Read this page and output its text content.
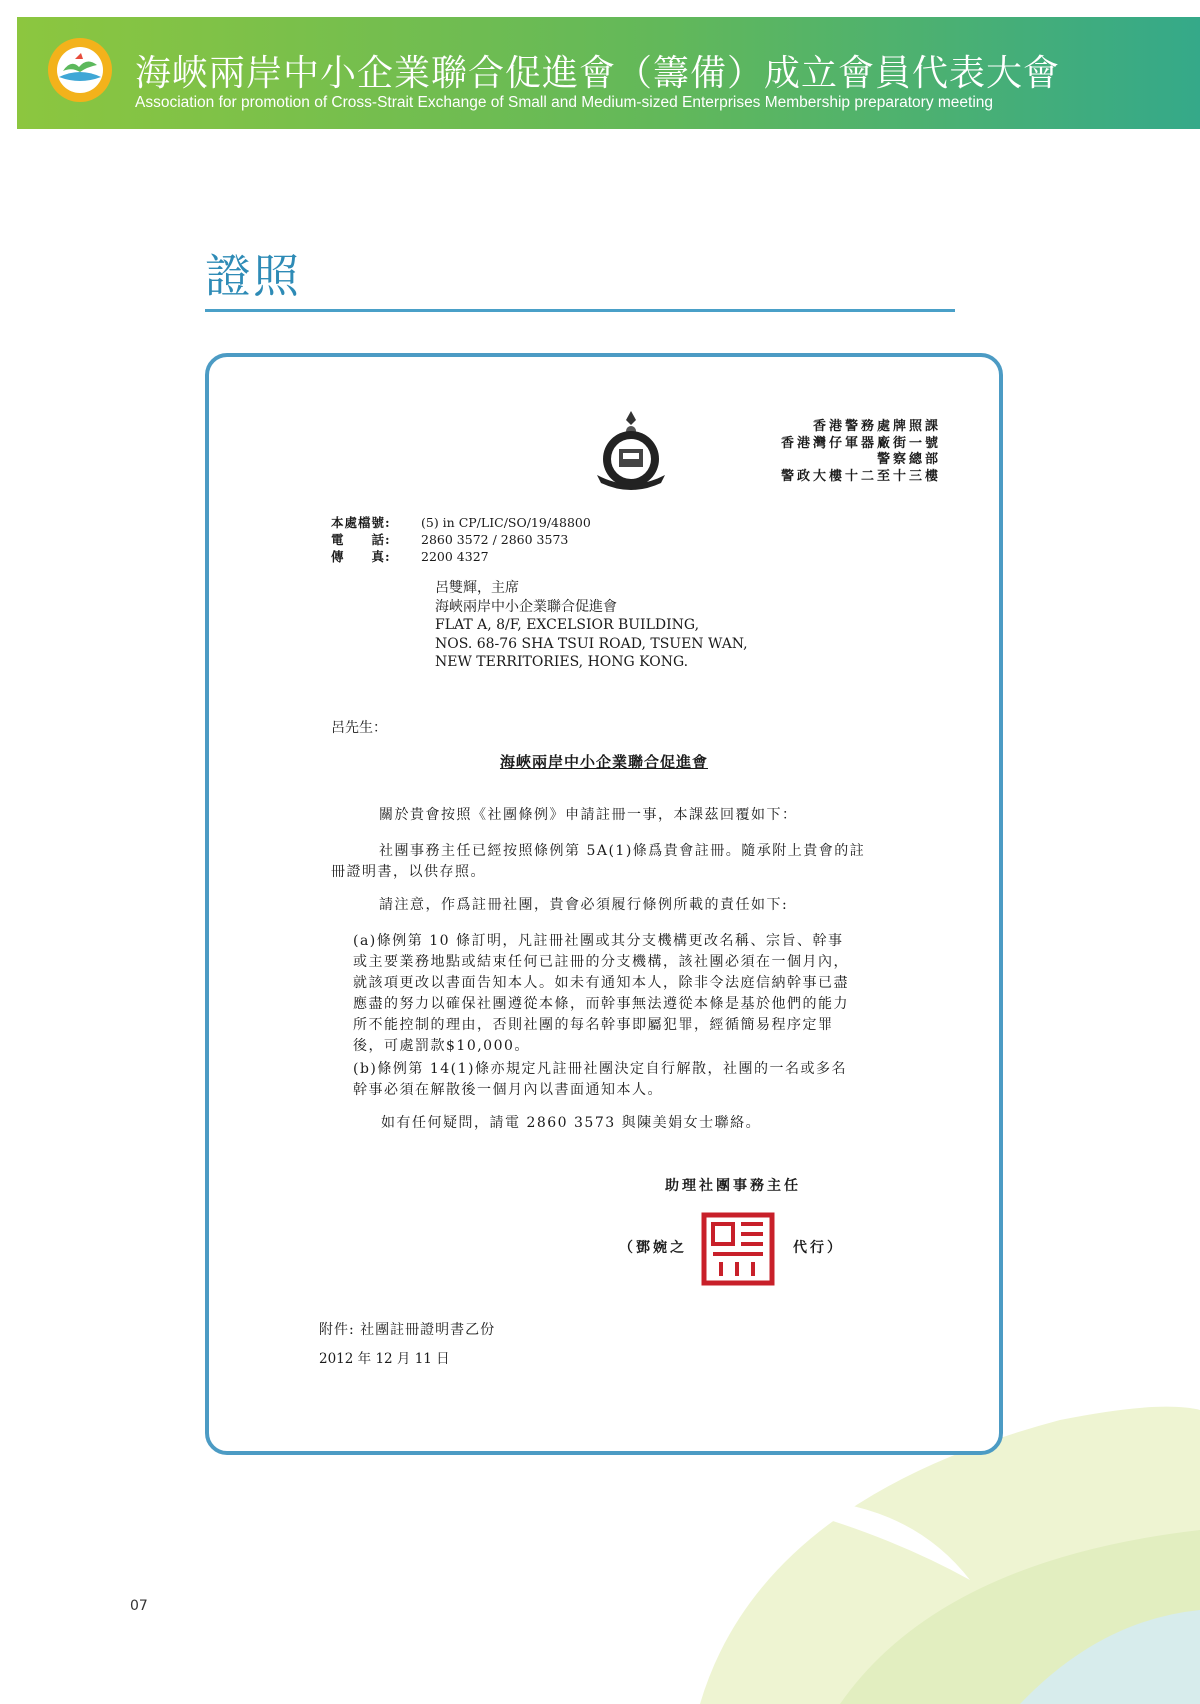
海峽兩岸中小企業聯合促進會（籌備）成立會員代表大會
Association for promotion of Cross-Strait Exchange of Small and Medium-sized Enterprises Membership preparatory meeting
證照
香港警務處牌照課
香港灣仔軍器廠街一號
警察總部
警政大樓十二至十三樓
本處檔號:	(5) in CP/LIC/SO/19/48800
電　　話:	2860 3572 / 2860 3573
傳　　真:	2200 4327
呂雙輝，主席
海峽兩岸中小企業聯合促進會
FLAT A, 8/F, EXCELSIOR BUILDING,
NOS. 68-76 SHA TSUI ROAD, TSUEN WAN,
NEW TERRITORIES, HONG KONG.
呂先生：
海峽兩岸中小企業聯合促進會
關於貴會按照《社團條例》申請註冊一事，本課茲回覆如下：
社團事務主任已經按照條例第 5A(1)條爲貴會註冊。隨承附上貴會的註冊證明書，以供存照。
請注意，作爲註冊社團，貴會必須履行條例所載的責任如下:
(a)條例第 10 條訂明，凡註冊社團或其分支機構更改名稱、宗旨、幹事或主要業務地點或結束任何已註冊的分支機構，該社團必須在一個月內，就該項更改以書面告知本人。如未有通知本人，除非令法庭信納幹事已盡應盡的努力以確保社團遵從本條，而幹事無法遵從本條是基於他們的能力所不能控制的理由，否則社團的每名幹事即屬犯罪，經循簡易程序定罪後，可處罰款$10,000。
(b)條例第 14(1)條亦規定凡註冊社團決定自行解散，社團的一名或多名幹事必須在解散後一個月內以書面通知本人。
如有任何疑問，請電 2860 3573 與陳美娟女士聯絡。
助理社團事務主任
（鄧婉之	代行）
附件: 社團註冊證明書乙份
2012 年 12 月 11 日
07
